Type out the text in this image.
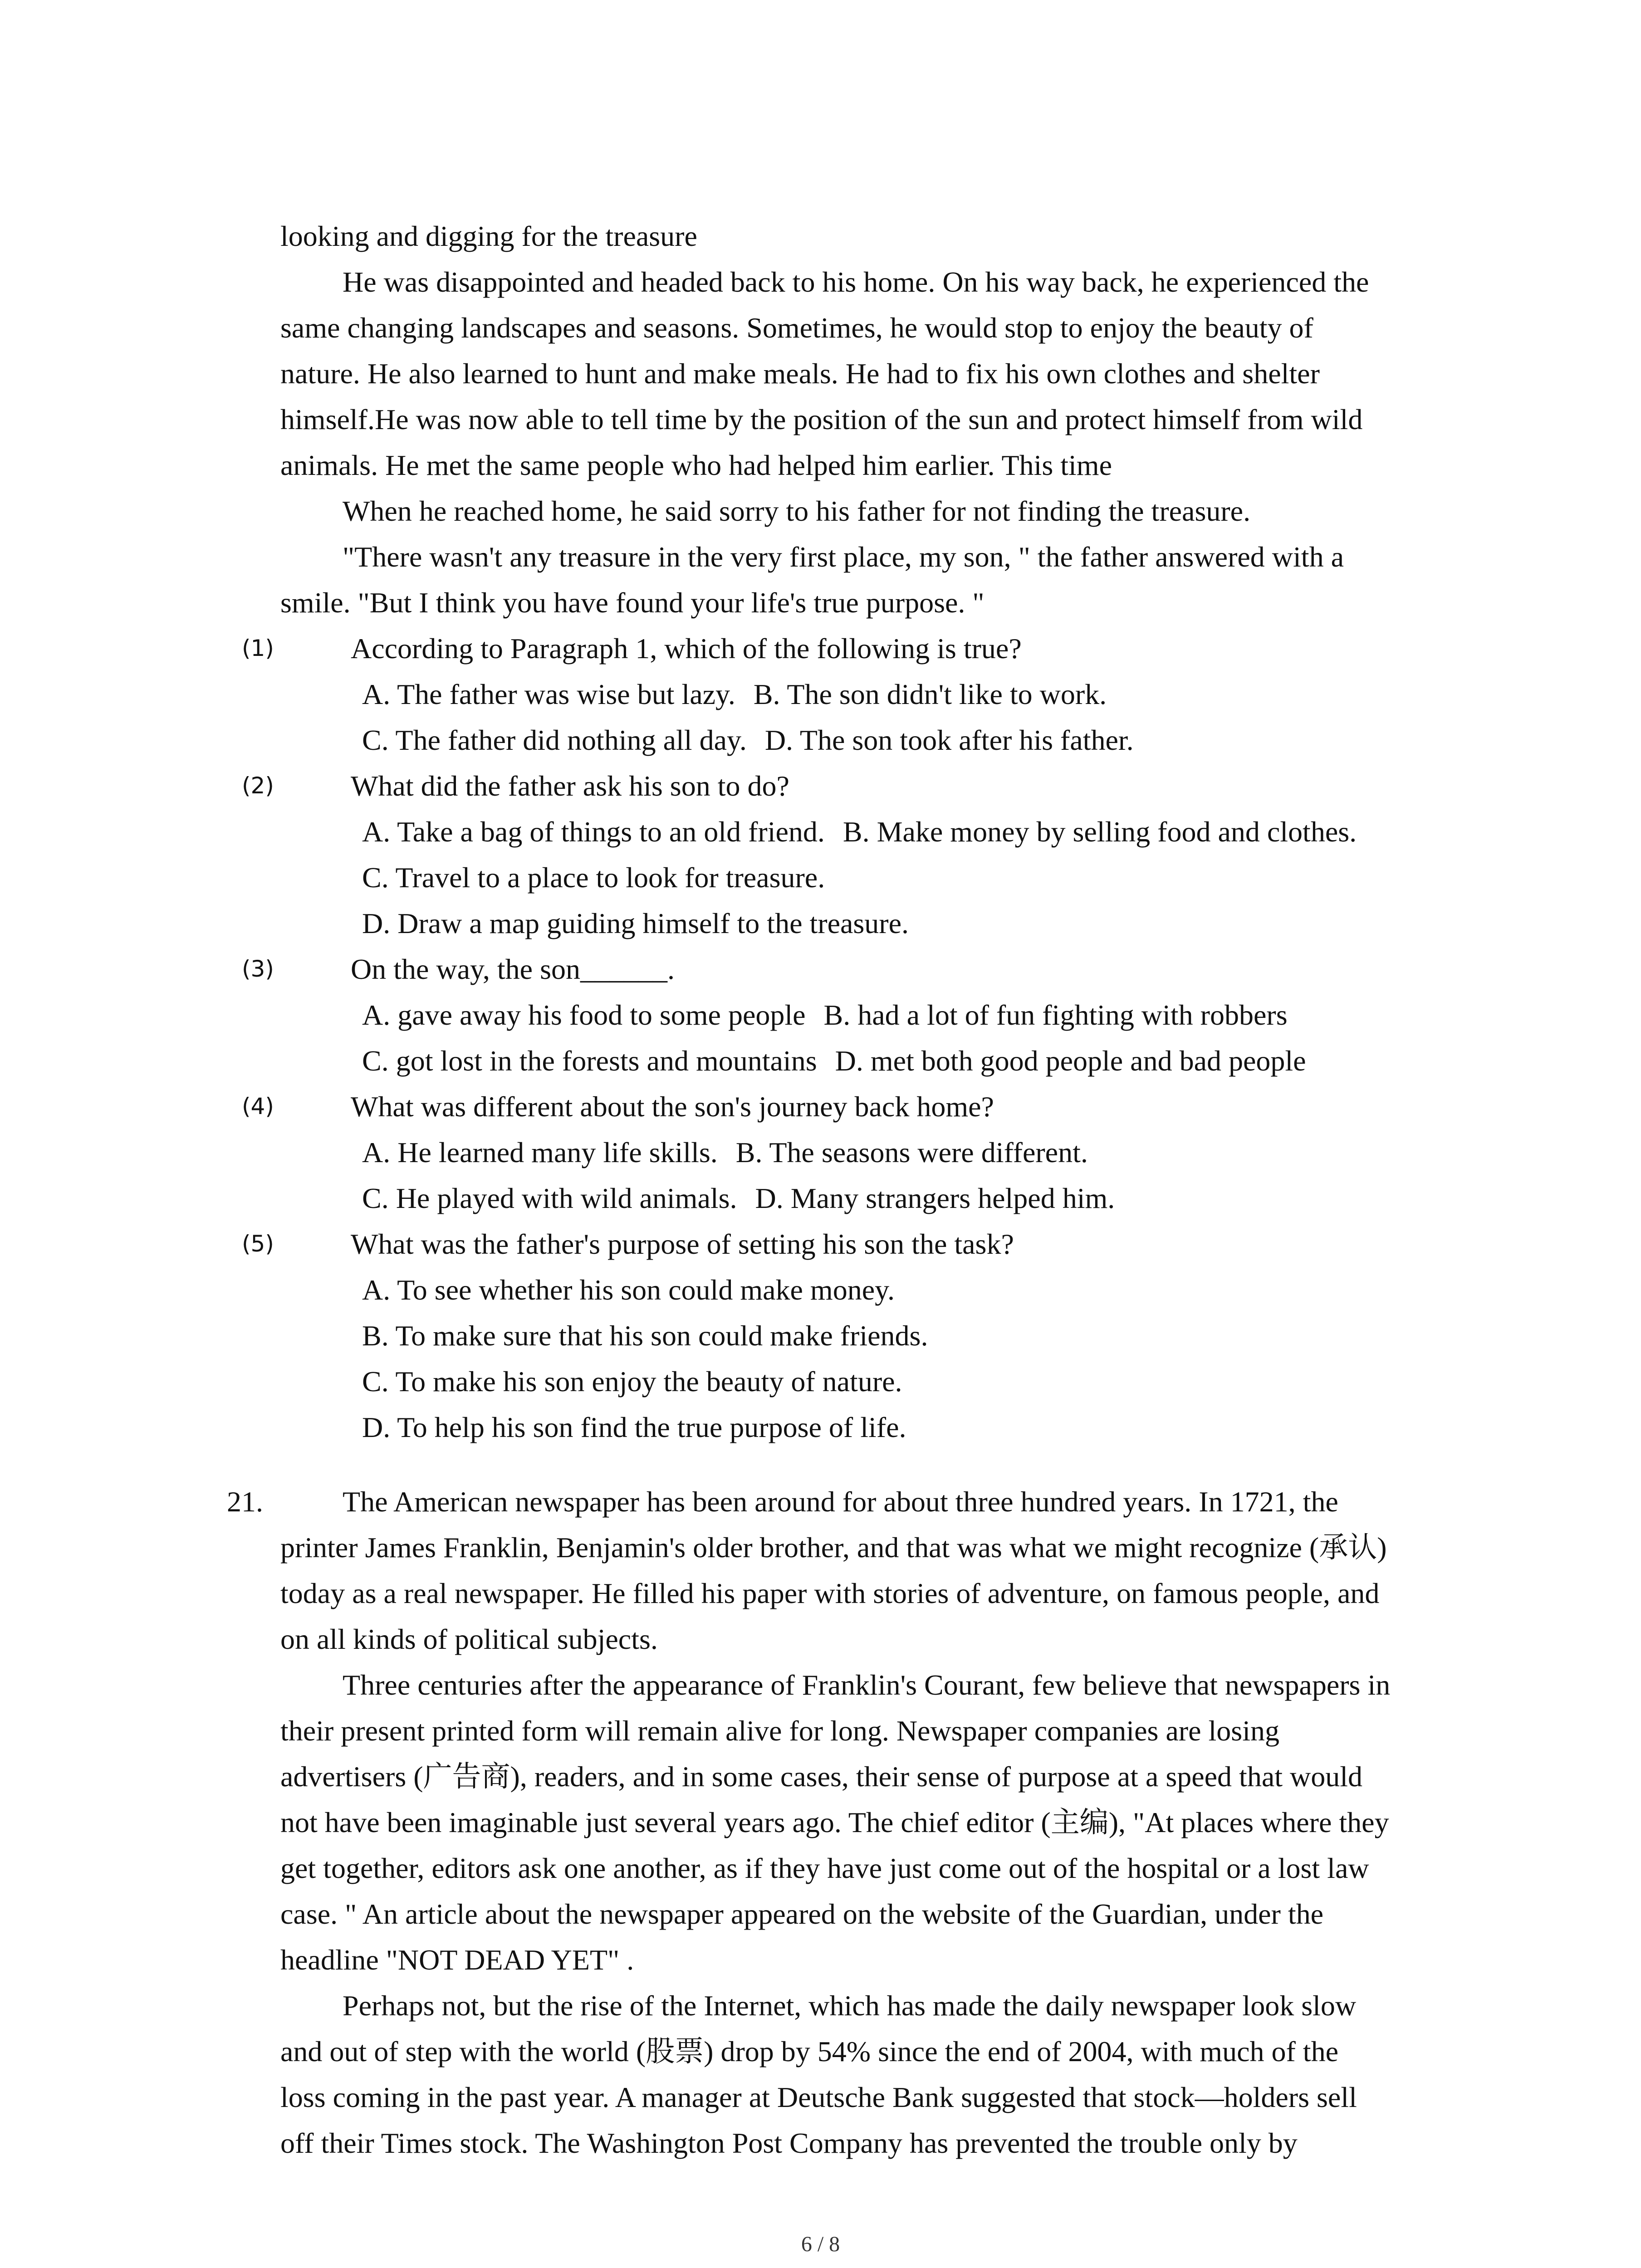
looking and digging for the treasure
He was disappointed and headed back to his home. On his way back, he experienced the
same changing landscapes and seasons. Sometimes, he would stop to enjoy the beauty of
nature. He also learned to hunt and make meals. He had to fix his own clothes and shelter
himself.He was now able to tell time by the position of the sun and protect himself from wild
animals. He met the same people who had helped him earlier. This time
When he reached home, he said sorry to his father for not finding the treasure.
"There wasn't any treasure in the very first place, my son, " the father answered with a
smile. "But I think you have found your life's true purpose. "
(1)	According to Paragraph 1, which of the following is true?
A. The father was wise but lazy. B. The son didn't like to work.
C. The father did nothing all day. D. The son took after his father.
(2)	What did the father ask his son to do?
A. Take a bag of things to an old friend. B. Make money by selling food and clothes.
C. Travel to a place to look for treasure.
D. Draw a map guiding himself to the treasure.
(3)	On the way, the son______.
A. gave away his food to some people B. had a lot of fun fighting with robbers
C. got lost in the forests and mountains D. met both good people and bad people
(4)	What was different about the son's journey back home?
A. He learned many life skills. B. The seasons were different.
C. He played with wild animals. D. Many strangers helped him.
(5)	What was the father's purpose of setting his son the task?
A. To see whether his son could make money.
B. To make sure that his son could make friends.
C. To make his son enjoy the beauty of nature.
D. To help his son find the true purpose of life.
21.	The American newspaper has been around for about three hundred years. In 1721, the
printer James Franklin, Benjamin's older brother, and that was what we might recognize (承认)
today as a real newspaper. He filled his paper with stories of adventure, on famous people, and
on all kinds of political subjects.
Three centuries after the appearance of Franklin's Courant, few believe that newspapers in
their present printed form will remain alive for long. Newspaper companies are losing
advertisers (广告商), readers, and in some cases, their sense of purpose at a speed that would
not have been imaginable just several years ago. The chief editor (主编), "At places where they
get together, editors ask one another, as if they have just come out of the hospital or a lost law
case. " An article about the newspaper appeared on the website of the Guardian, under the
headline "NOT DEAD YET" .
Perhaps not, but the rise of the Internet, which has made the daily newspaper look slow
and out of step with the world (股票) drop by 54% since the end of 2004, with much of the
loss coming in the past year. A manager at Deutsche Bank suggested that stock—holders sell
off their Times stock. The Washington Post Company has prevented the trouble only by
6 / 8
